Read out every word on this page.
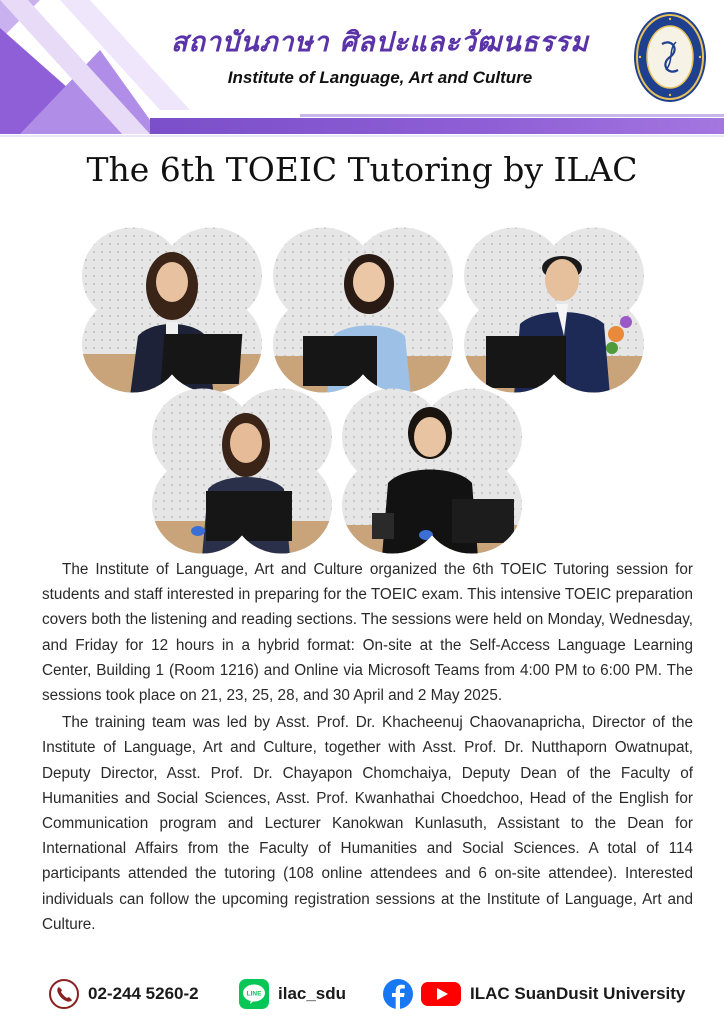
สถาบันภาษา ศิลปะและวัฒนธรรม
Institute of Language, Art and Culture
The 6th TOEIC Tutoring by ILAC

The Institute of Language, Art and Culture organized the 6th TOEIC Tutoring session for students and staff interested in preparing for the TOEIC exam. This intensive TOEIC preparation covers both the listening and reading sections. The sessions were held on Monday, Wednesday, and Friday for 12 hours in a hybrid format: On-site at the Self-Access Language Learning Center, Building 1 (Room 1216) and Online via Microsoft Teams from 4:00 PM to 6:00 PM. The sessions took place on 21, 23, 25, 28, and 30 April and 2 May 2025.

The training team was led by Asst. Prof. Dr. Khacheenuj Chaovanapricha, Director of the Institute of Language, Art and Culture, together with Asst. Prof. Dr. Nutthaporn Owatnupat, Deputy Director, Asst. Prof. Dr. Chayapon Chomchaiya, Deputy Dean of the Faculty of Humanities and Social Sciences, Asst. Prof. Kwanhathai Choedchoo, Head of the English for Communication program and Lecturer Kanokwan Kunlasuth, Assistant to the Dean for International Affairs from the Faculty of Humanities and Social Sciences. A total of 114 participants attended the tutoring (108 online attendees and 6 on-site attendee). Interested individuals can follow the upcoming registration sessions at the Institute of Language, Art and Culture.

02-244 5260-2	LINE ilac_sdu	ILAC SuanDusit University
